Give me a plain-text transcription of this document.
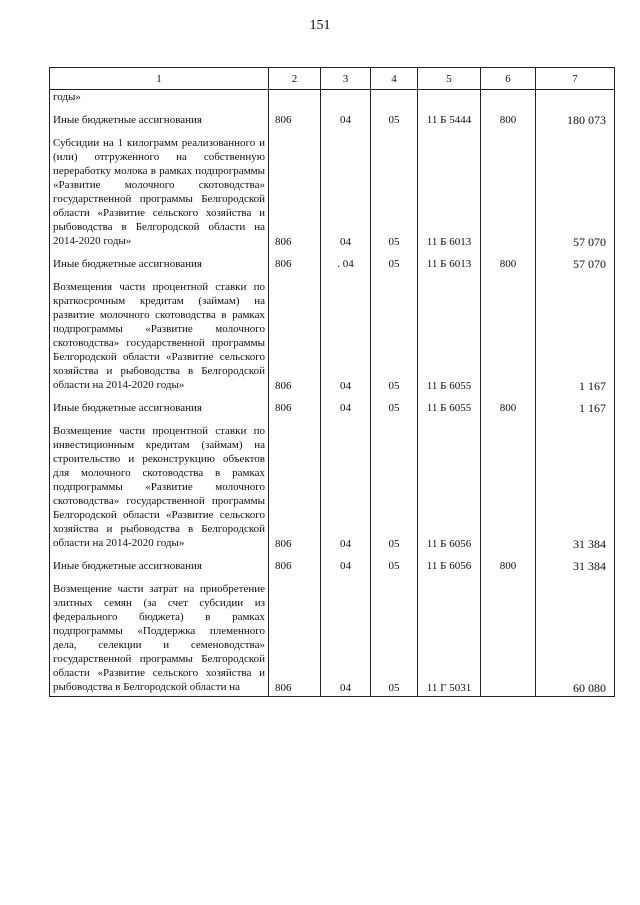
151
1	2	3	4	5	6	7
годы»						

Иные бюджетные ассигнования	806	04	05	11 Б 5444	800	180 073

Субсидии на 1 килограмм реализованного и (или) отгруженного на собственную переработку молока в рамках подпрограммы «Развитие молочного скотоводства» государственной программы Белгородской области «Развитие сельского хозяйства и рыбоводства в Белгородской области на 2014-2020 годы»	806	04	05	11 Б 6013		57 070

Иные бюджетные ассигнования	806	. 04	05	11 Б 6013	800	57 070

Возмещения части процентной ставки по краткосрочным кредитам (займам) на развитие молочного скотоводства в рамках подпрограммы «Развитие молочного скотоводства» государственной программы Белгородской области «Развитие сельского хозяйства и рыбоводства в Белгородской области на 2014-2020 годы»	806	04	05	11 Б 6055		1 167

Иные бюджетные ассигнования	806	04	05	11 Б 6055	800	1 167

Возмещение части процентной ставки по инвестиционным кредитам (займам) на строительство и реконструкцию объектов для молочного скотоводства в рамках подпрограммы «Развитие молочного скотоводства» государственной программы Белгородской области «Развитие сельского хозяйства и рыбоводства в Белгородской области на 2014-2020 годы»	806	04	05	11 Б 6056		31 384

Иные бюджетные ассигнования	806	04	05	11 Б 6056	800	31 384

Возмещение части затрат на приобретение элитных семян (за счет субсидии из федерального бюджета) в рамках подпрограммы «Поддержка племенного дела, селекции и семеноводства» государственной программы Белгородской области «Развитие сельского хозяйства и рыбоводства в Белгородской области на	806	04	05	11 Г 5031		60 080
